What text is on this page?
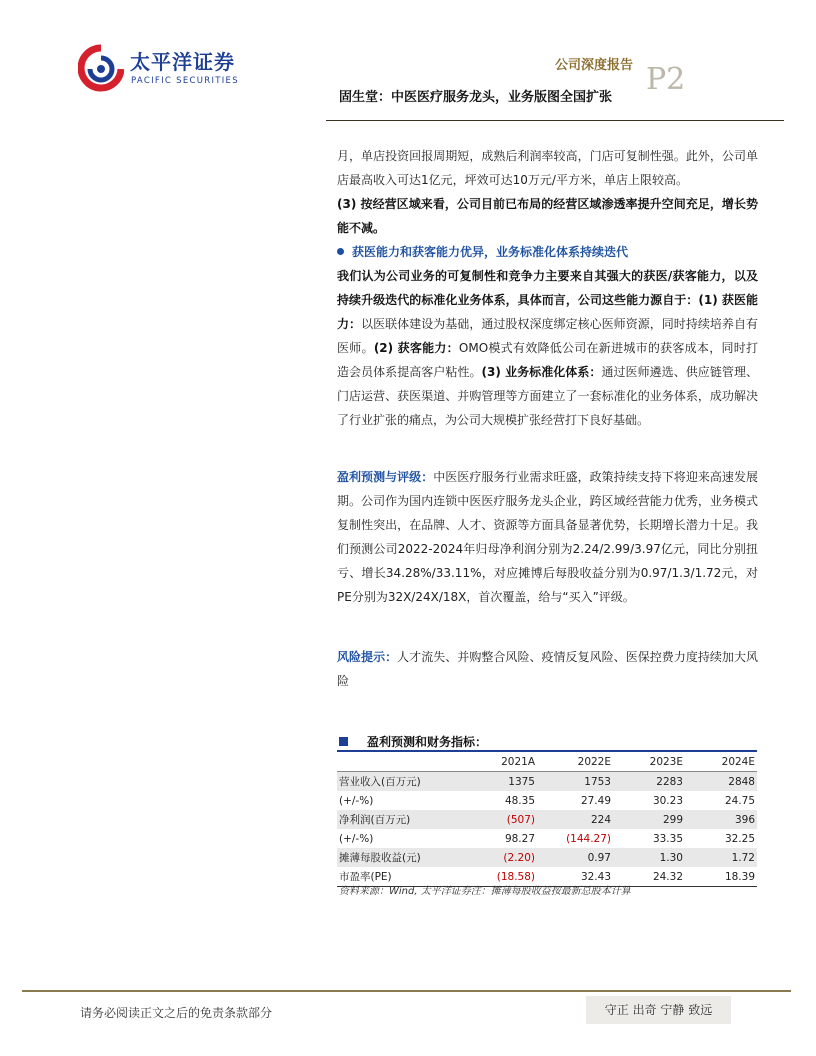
太平洋证券
PACIFIC SECURITIES
公司深度报告 P2
固生堂：中医医疗服务龙头，业务版图全国扩张

月，单店投资回报周期短，成熟后利润率较高，门店可复制性强。此外，公司单店最高收入可达1亿元，坪效可达10万元/平方米，单店上限较高。

(3) 按经营区域来看，公司目前已布局的经营区域渗透率提升空间充足，增长势能不减。

获医能力和获客能力优异，业务标准化体系持续迭代

我们认为公司业务的可复制性和竞争力主要来自其强大的获医/获客能力，以及持续升级迭代的标准化业务体系，具体而言，公司这些能力源自于：(1) 获医能力：以医联体建设为基础，通过股权深度绑定核心医师资源，同时持续培养自有医师。(2) 获客能力：OMO模式有效降低公司在新进城市的获客成本，同时打造会员体系提高客户粘性。(3) 业务标准化体系：通过医师遴选、供应链管理、门店运营、获医渠道、并购管理等方面建立了一套标准化的业务体系，成功解决了行业扩张的痛点，为公司大规模扩张经营打下良好基础。

盈利预测与评级：中医医疗服务行业需求旺盛，政策持续支持下将迎来高速发展期。公司作为国内连锁中医医疗服务龙头企业，跨区域经营能力优秀，业务模式复制性突出，在品牌、人才、资源等方面具备显著优势，长期增长潜力十足。我们预测公司2022-2024年归母净利润分别为2.24/2.99/3.97亿元，同比分别扭亏、增长34.28%/33.11%，对应摊博后每股收益分别为0.97/1.3/1.72元，对PE分别为32X/24X/18X，首次覆盖，给与“买入”评级。

风险提示：人才流失、并购整合风险、疫情反复风险、医保控费力度持续加大风险

盈利预测和财务指标：
	2021A	2022E	2023E	2024E
营业收入(百万元)	1375	1753	2283	2848
(+/-%)	48.35	27.49	30.23	24.75
净利润(百万元)	(507)	224	299	396
(+/-%)	98.27	(144.27)	33.35	32.25
摊薄每股收益(元)	(2.20)	0.97	1.30	1.72
市盈率(PE)	(18.58)	32.43	24.32	18.39
资料来源：Wind, 太平洋证券注：摊薄每股收益按最新总股本计算
请务必阅读正文之后的免责条款部分	守正 出奇 宁静 致远
